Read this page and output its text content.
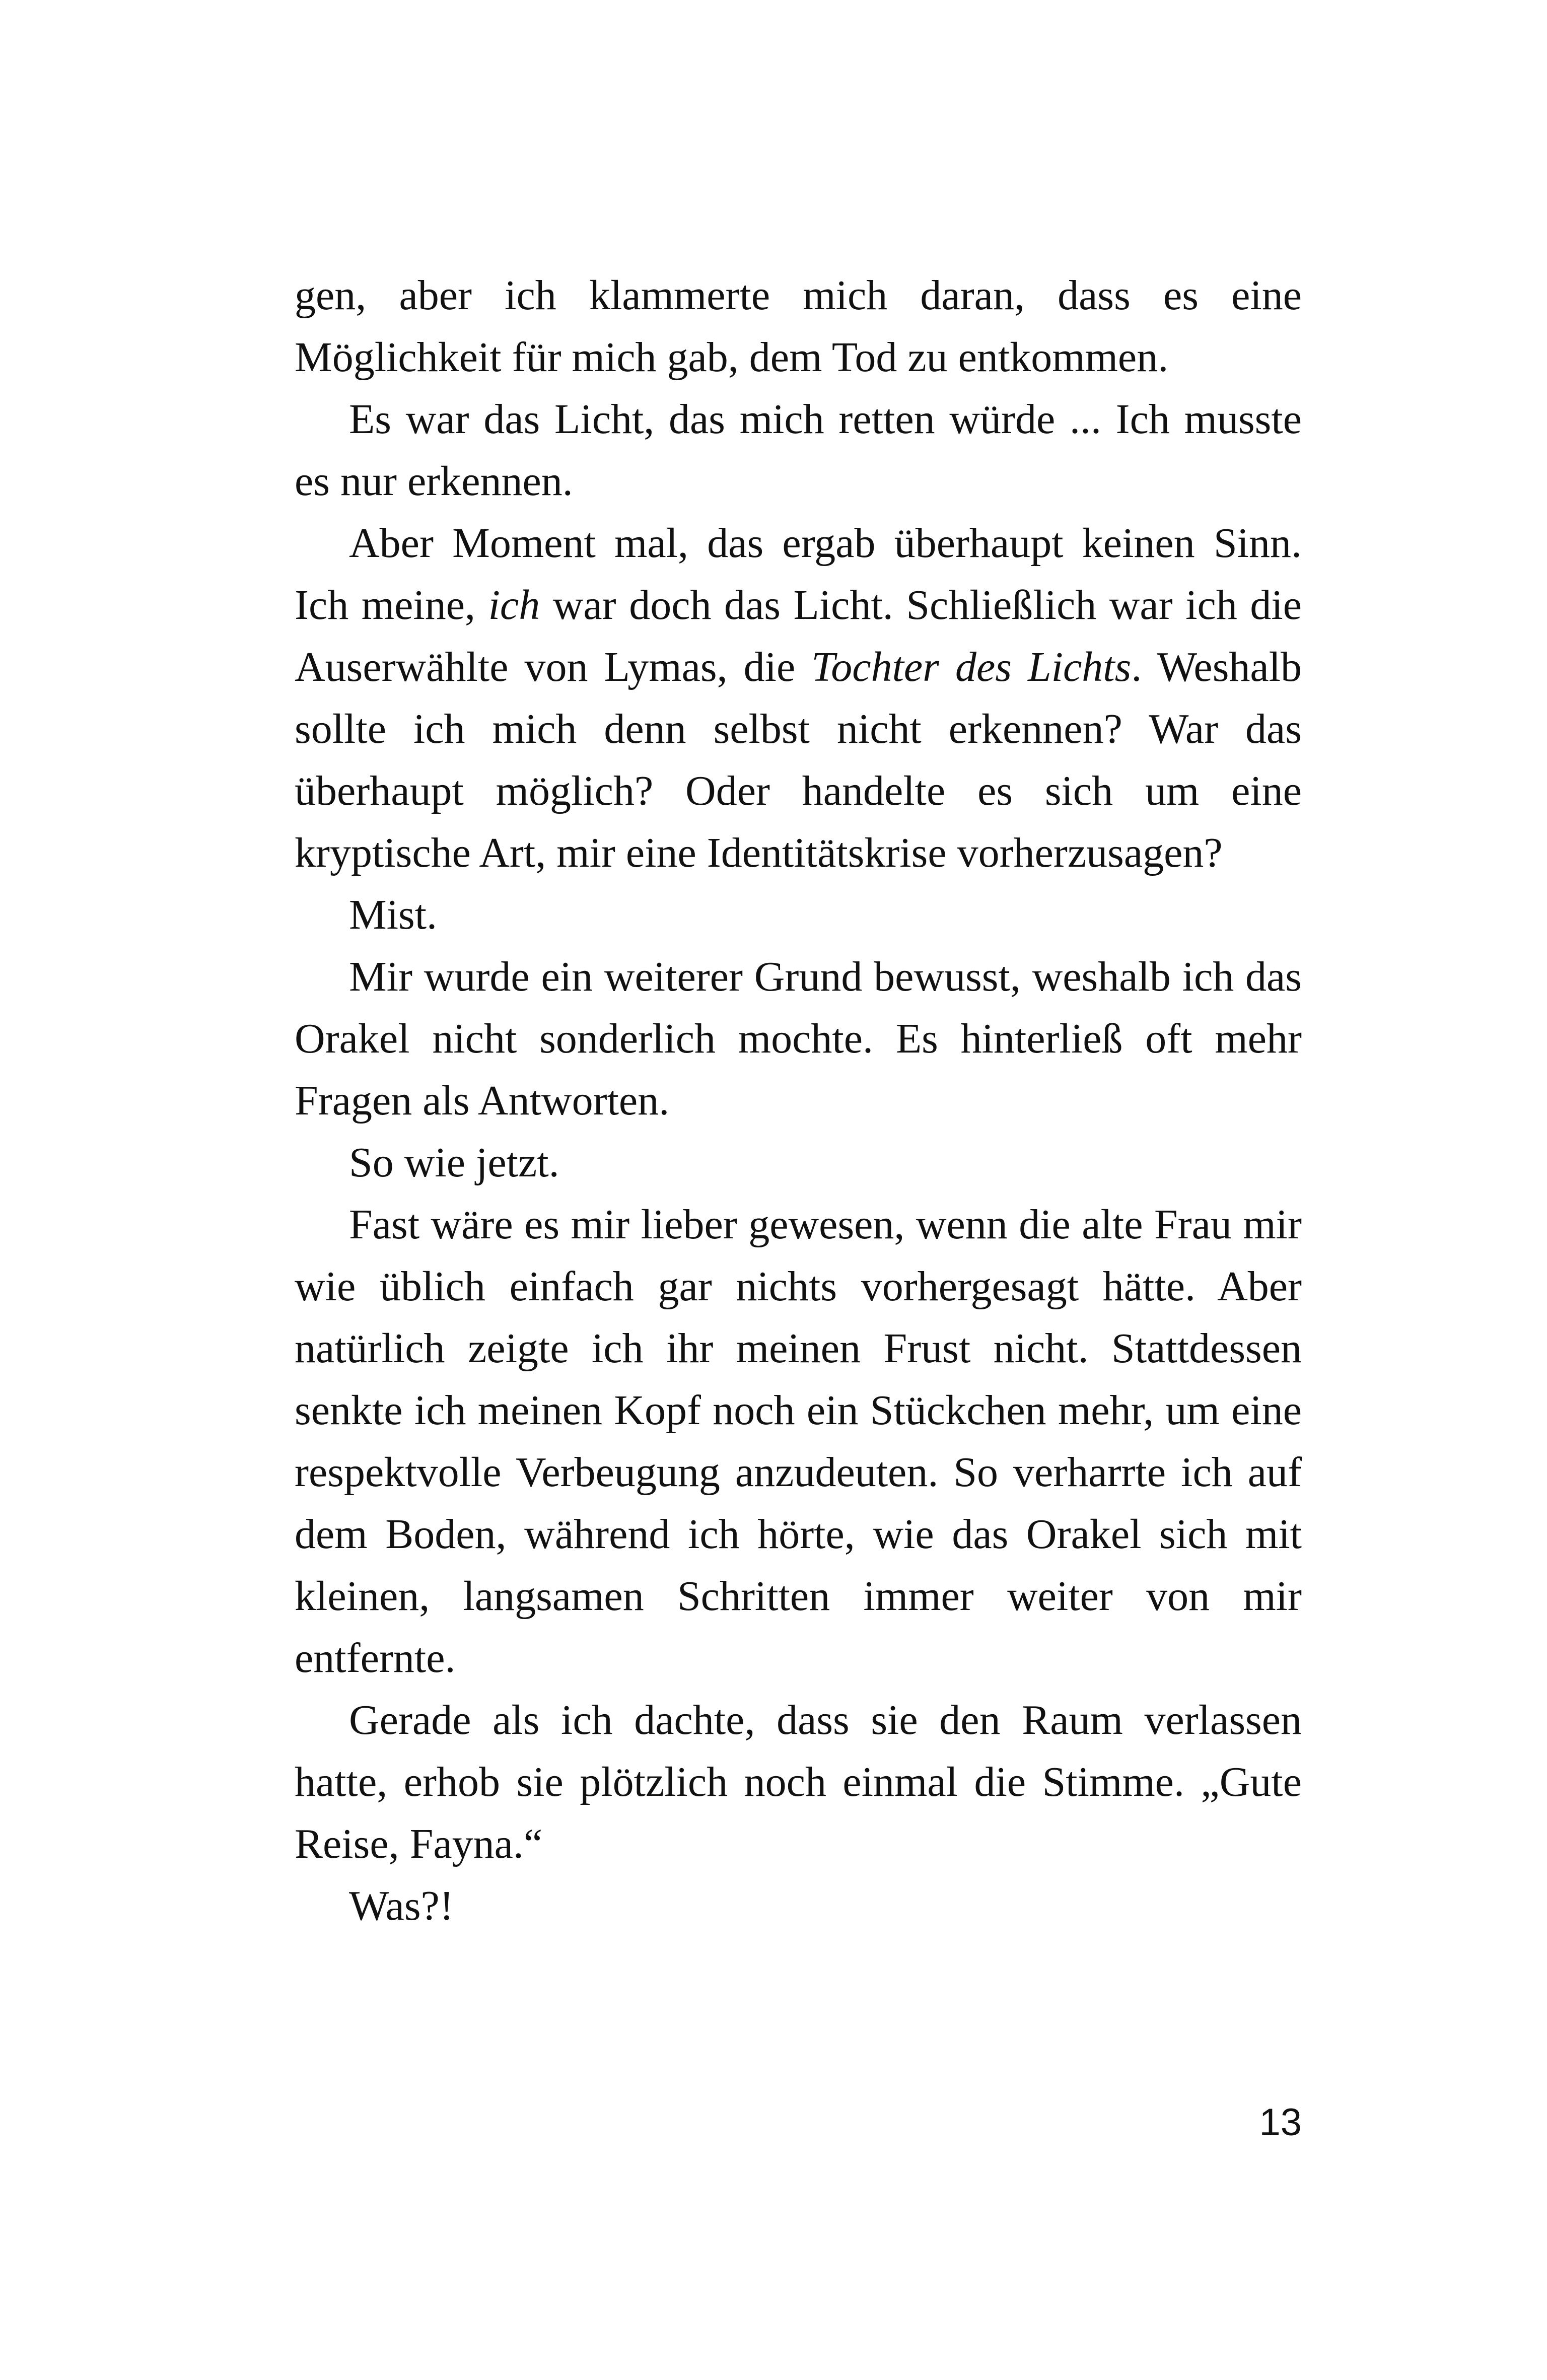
gen, aber ich klammerte mich daran, dass es eine Möglichkeit für mich gab, dem Tod zu entkommen.

Es war das Licht, das mich retten würde ... Ich musste es nur erkennen.

Aber Moment mal, das ergab überhaupt keinen Sinn. Ich meine, ich war doch das Licht. Schließlich war ich die Auserwählte von Lymas, die Tochter des Lichts. Weshalb sollte ich mich denn selbst nicht erkennen? War das überhaupt möglich? Oder handelte es sich um eine kryptische Art, mir eine Identitätskrise vorherzusagen?

Mist.

Mir wurde ein weiterer Grund bewusst, weshalb ich das Orakel nicht sonderlich mochte. Es hinterließ oft mehr Fragen als Antworten.

So wie jetzt.

Fast wäre es mir lieber gewesen, wenn die alte Frau mir wie üblich einfach gar nichts vorhergesagt hätte. Aber natürlich zeigte ich ihr meinen Frust nicht. Stattdessen senkte ich meinen Kopf noch ein Stückchen mehr, um eine respektvolle Verbeugung anzudeuten. So verharrte ich auf dem Boden, während ich hörte, wie das Orakel sich mit kleinen, langsamen Schritten immer weiter von mir entfernte.

Gerade als ich dachte, dass sie den Raum verlassen hatte, erhob sie plötzlich noch einmal die Stimme. „Gute Reise, Fayna.“

Was?!

13
